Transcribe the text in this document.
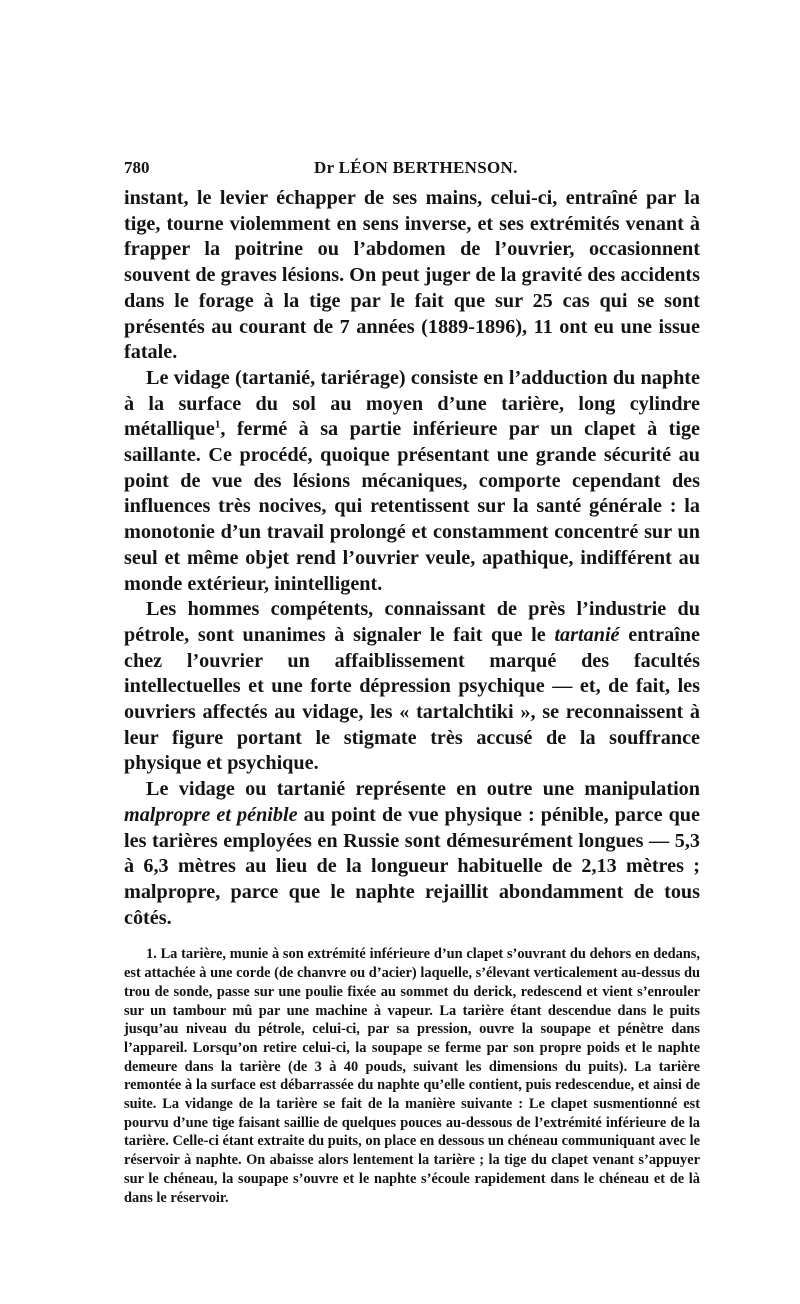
780	Dr LÉON BERTHENSON.

instant, le levier échapper de ses mains, celui-ci, entraîné par la tige, tourne violemment en sens inverse, et ses extrémités venant à frapper la poitrine ou l’abdomen de l’ouvrier, occasionnent souvent de graves lésions. On peut juger de la gravité des accidents dans le forage à la tige par le fait que sur 25 cas qui se sont présentés au courant de 7 années (1889-1896), 11 ont eu une issue fatale.

Le vidage (tartanié, tariérage) consiste en l’adduction du naphte à la surface du sol au moyen d’une tarière, long cylindre métallique$^1$, fermé à sa partie inférieure par un clapet à tige saillante. Ce procédé, quoique présentant une grande sécurité au point de vue des lésions mécaniques, comporte cependant des influences très nocives, qui retentissent sur la santé générale : la monotonie d’un travail prolongé et constamment concentré sur un seul et même objet rend l’ouvrier veule, apathique, indifférent au monde extérieur, inintelligent.

Les hommes compétents, connaissant de près l’industrie du pétrole, sont unanimes à signaler le fait que le tartanié entraîne chez l’ouvrier un affaiblissement marqué des facultés intellectuelles et une forte dépression psychique — et, de fait, les ouvriers affectés au vidage, les « tartalchtiki », se reconnaissent à leur figure portant le stigmate très accusé de la souffrance physique et psychique.

Le vidage ou tartanié représente en outre une manipulation malpropre et pénible au point de vue physique : pénible, parce que les tarières employées en Russie sont démesurément longues — 5,3 à 6,3 mètres au lieu de la longueur habituelle de 2,13 mètres ; malpropre, parce que le naphte rejaillit abondamment de tous côtés.

1. La tarière, munie à son extrémité inférieure d’un clapet s’ouvrant du dehors en dedans, est attachée à une corde (de chanvre ou d’acier) laquelle, s’élevant verticalement au-dessus du trou de sonde, passe sur une poulie fixée au sommet du derick, redescend et vient s’enrouler sur un tambour mû par une machine à vapeur. La tarière étant descendue dans le puits jusqu’au niveau du pétrole, celui-ci, par sa pression, ouvre la soupape et pénètre dans l’appareil. Lorsqu’on retire celui-ci, la soupape se ferme par son propre poids et le naphte demeure dans la tarière (de 3 à 40 pouds, suivant les dimensions du puits). La tarière remontée à la surface est débarrassée du naphte qu’elle contient, puis redescendue, et ainsi de suite. La vidange de la tarière se fait de la manière suivante : Le clapet susmentionné est pourvu d’une tige faisant saillie de quelques pouces au-dessous de l’extrémité inférieure de la tarière. Celle-ci étant extraite du puits, on place en dessous un chéneau communiquant avec le réservoir à naphte. On abaisse alors lentement la tarière ; la tige du clapet venant s’appuyer sur le chéneau, la soupape s’ouvre et le naphte s’écoule rapidement dans le chéneau et de là dans le réservoir.
